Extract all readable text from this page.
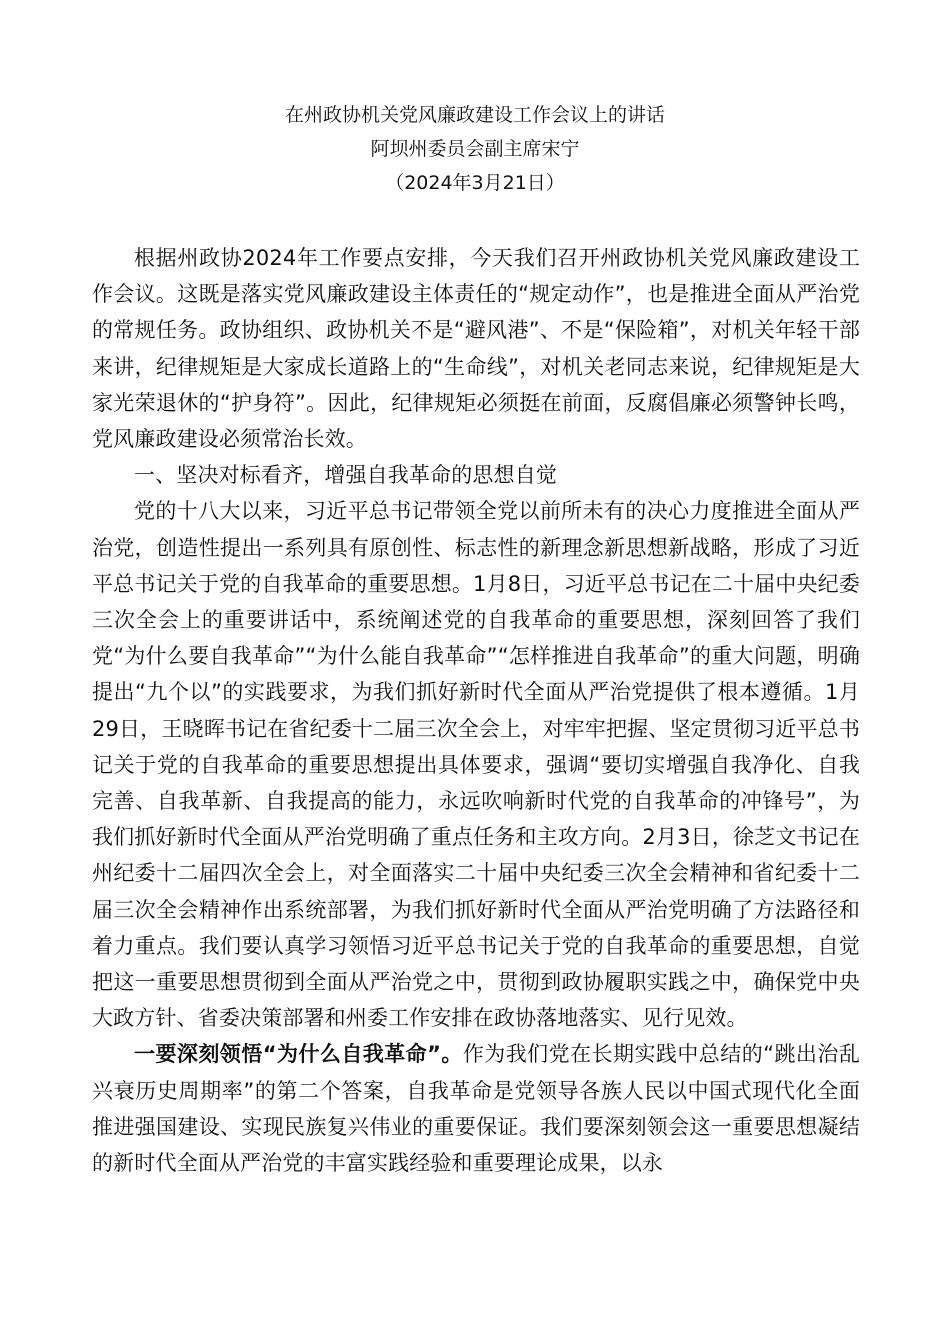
在州政协机关党风廉政建设工作会议上的讲话
阿坝州委员会副主席宋宁
（2024年3月21日）

根据州政协2024年工作要点安排，今天我们召开州政协机关党风廉政建设工作会议。这既是落实党风廉政建设主体责任的“规定动作”，也是推进全面从严治党的常规任务。政协组织、政协机关不是“避风港”、不是“保险箱”，对机关年轻干部来讲，纪律规矩是大家成长道路上的“生命线”，对机关老同志来说，纪律规矩是大家光荣退休的“护身符”。因此，纪律规矩必须挺在前面，反腐倡廉必须警钟长鸣，党风廉政建设必须常治长效。

一、坚决对标看齐，增强自我革命的思想自觉

党的十八大以来，习近平总书记带领全党以前所未有的决心力度推进全面从严治党，创造性提出一系列具有原创性、标志性的新理念新思想新战略，形成了习近平总书记关于党的自我革命的重要思想。1月8日，习近平总书记在二十届中央纪委三次全会上的重要讲话中，系统阐述党的自我革命的重要思想，深刻回答了我们党“为什么要自我革命”“为什么能自我革命”“怎样推进自我革命”的重大问题，明确提出“九个以”的实践要求，为我们抓好新时代全面从严治党提供了根本遵循。1月29日，王晓晖书记在省纪委十二届三次全会上，对牢牢把握、坚定贯彻习近平总书记关于党的自我革命的重要思想提出具体要求，强调“要切实增强自我净化、自我完善、自我革新、自我提高的能力，永远吹响新时代党的自我革命的冲锋号”，为我们抓好新时代全面从严治党明确了重点任务和主攻方向。2月3日，徐芝文书记在州纪委十二届四次全会上，对全面落实二十届中央纪委三次全会精神和省纪委十二届三次全会精神作出系统部署，为我们抓好新时代全面从严治党明确了方法路径和着力重点。我们要认真学习领悟习近平总书记关于党的自我革命的重要思想，自觉把这一重要思想贯彻到全面从严治党之中，贯彻到政协履职实践之中，确保党中央大政方针、省委决策部署和州委工作安排在政协落地落实、见行见效。

一要深刻领悟“为什么自我革命”。作为我们党在长期实践中总结的“跳出治乱兴衰历史周期率”的第二个答案，自我革命是党领导各族人民以中国式现代化全面推进强国建设、实现民族复兴伟业的重要保证。我们要深刻领会这一重要思想凝结的新时代全面从严治党的丰富实践经验和重要理论成果，以永
